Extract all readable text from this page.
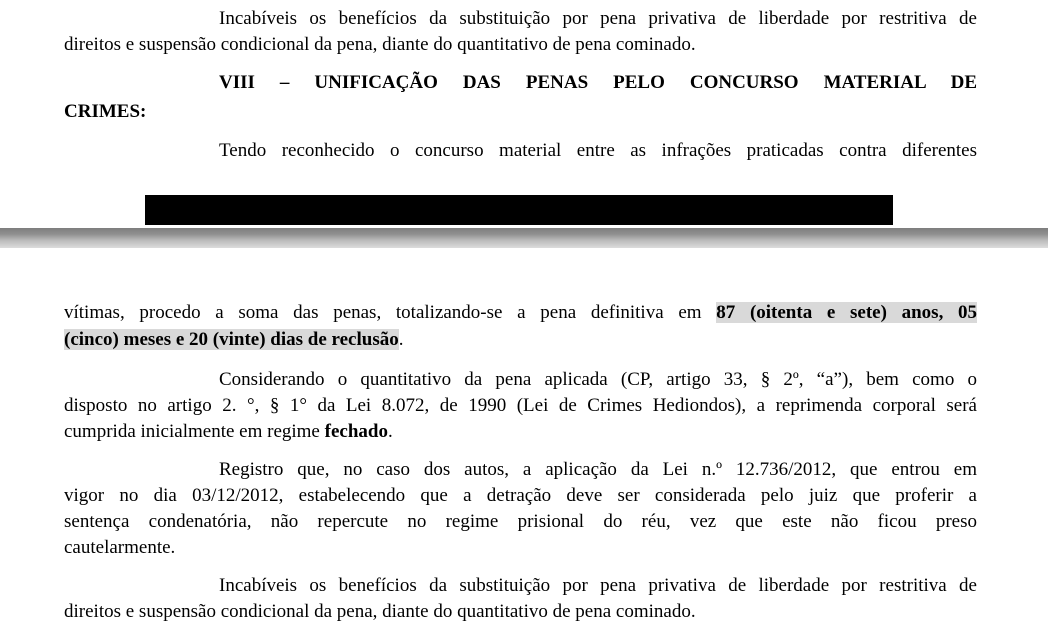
Incabíveis os benefícios da substituição por pena privativa de liberdade por restritiva de
direitos e suspensão condicional da pena, diante do quantitativo de pena cominado.
VIII – UNIFICAÇÃO DAS PENAS PELO CONCURSO MATERIAL DE
CRIMES:
Tendo reconhecido o concurso material entre as infrações praticadas contra diferentes
vítimas, procedo a soma das penas, totalizando-se a pena definitiva em 87 (oitenta e sete) anos, 05
(cinco) meses e 20 (vinte) dias de reclusão.
Considerando o quantitativo da pena aplicada (CP, artigo 33, § 2º, “a”), bem como o
disposto no artigo 2. °, § 1° da Lei 8.072, de 1990 (Lei de Crimes Hediondos), a reprimenda corporal será
cumprida inicialmente em regime fechado.
Registro que, no caso dos autos, a aplicação da Lei n.º 12.736/2012, que entrou em
vigor no dia 03/12/2012, estabelecendo que a detração deve ser considerada pelo juiz que proferir a
sentença condenatória, não repercute no regime prisional do réu, vez que este não ficou preso
cautelarmente.
Incabíveis os benefícios da substituição por pena privativa de liberdade por restritiva de
direitos e suspensão condicional da pena, diante do quantitativo de pena cominado.
